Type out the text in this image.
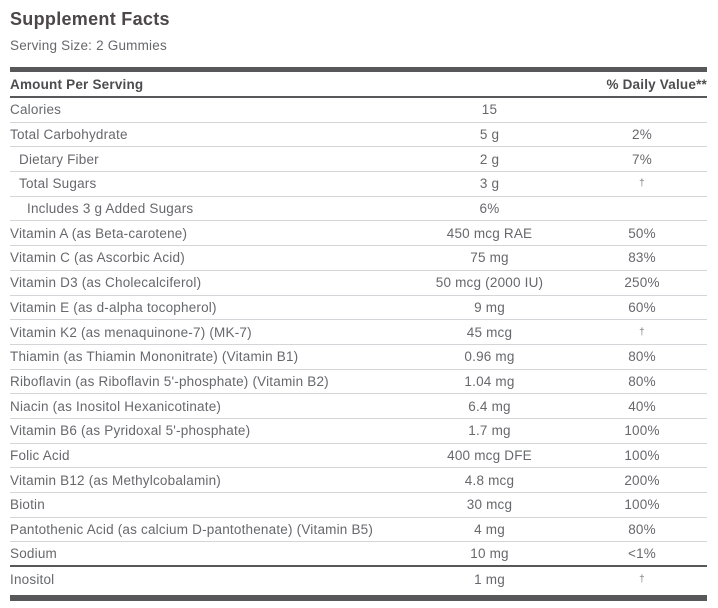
Supplement Facts
Serving Size: 2 Gummies
Amount Per Serving	% Daily Value**
Calories	15
Total Carbohydrate	5 g	2%
Dietary Fiber	2 g	7%
Total Sugars	3 g	†
Includes 3 g Added Sugars	6%
Vitamin A (as Beta-carotene)	450 mcg RAE	50%
Vitamin C (as Ascorbic Acid)	75 mg	83%
Vitamin D3 (as Cholecalciferol)	50 mcg (2000 IU)	250%
Vitamin E (as d-alpha tocopherol)	9 mg	60%
Vitamin K2 (as menaquinone-7) (MK-7)	45 mcg	†
Thiamin (as Thiamin Mononitrate) (Vitamin B1)	0.96 mg	80%
Riboflavin (as Riboflavin 5'-phosphate) (Vitamin B2)	1.04 mg	80%
Niacin (as Inositol Hexanicotinate)	6.4 mg	40%
Vitamin B6 (as Pyridoxal 5'-phosphate)	1.7 mg	100%
Folic Acid	400 mcg DFE	100%
Vitamin B12 (as Methylcobalamin)	4.8 mcg	200%
Biotin	30 mcg	100%
Pantothenic Acid (as calcium D-pantothenate) (Vitamin B5)	4 mg	80%
Sodium	10 mg	<1%
Inositol	1 mg	†
